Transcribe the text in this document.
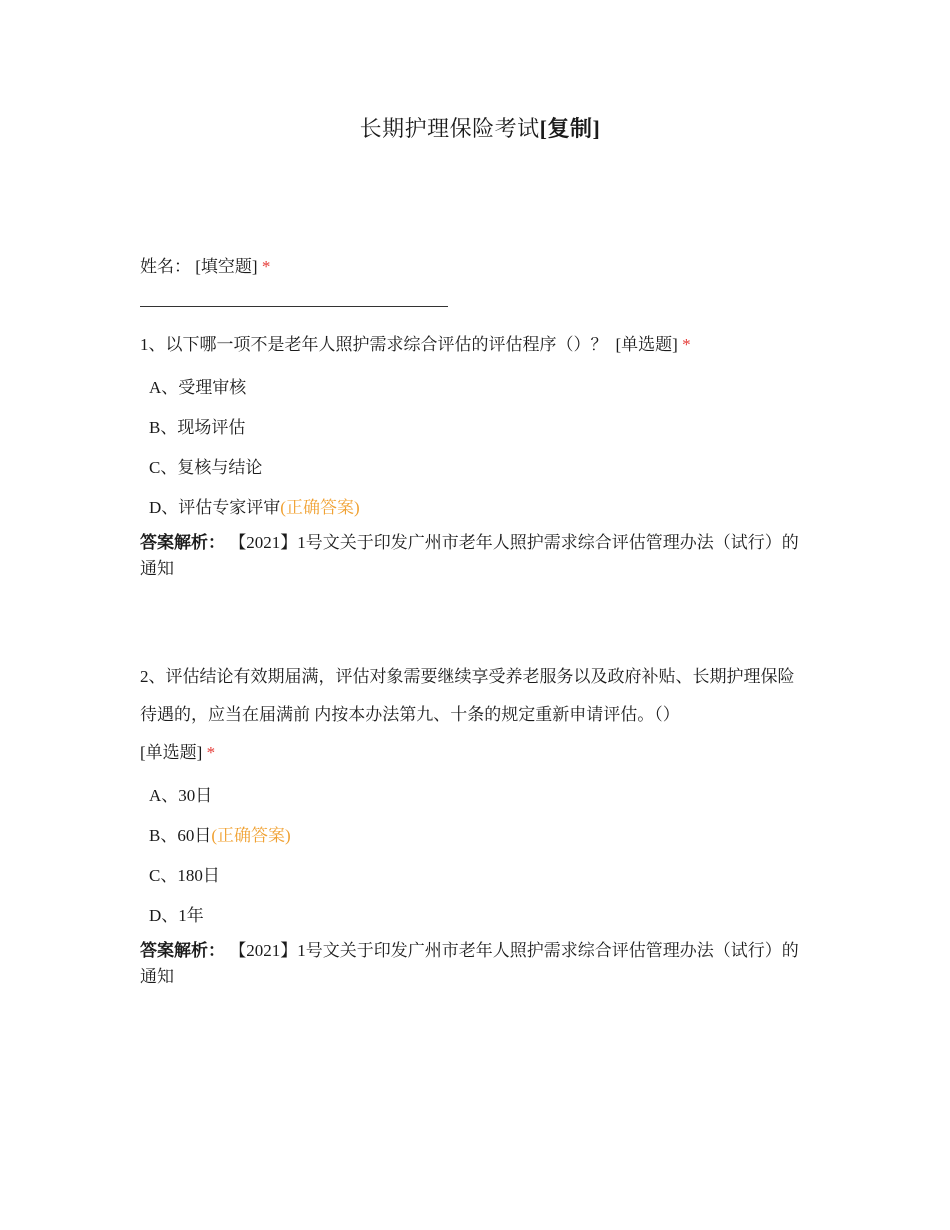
长期护理保险考试[复制]
姓名： [填空题] *

1、以下哪一项不是老年人照护需求综合评估的评估程序（）？ [单选题] *

A、受理审核
B、现场评估
C、复核与结论
D、评估专家评审(正确答案)
答案解析： 【2021】1号文关于印发广州市老年人照护需求综合评估管理办法（试行）的通知

2、评估结论有效期届满，评估对象需要继续享受养老服务以及政府补贴、长期护理保险待遇的，应当在届满前 内按本办法第九、十条的规定重新申请评估。（）
[单选题] *

A、30日
B、60日(正确答案)
C、180日
D、1年
答案解析： 【2021】1号文关于印发广州市老年人照护需求综合评估管理办法（试行）的通知
